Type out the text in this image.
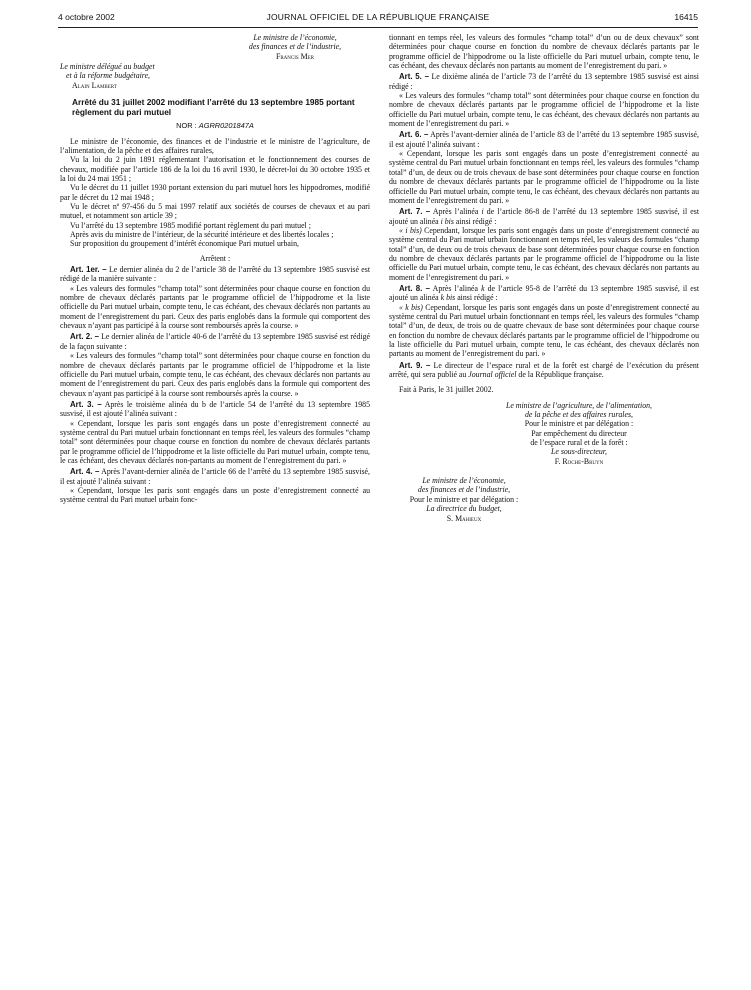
4 octobre 2002	JOURNAL OFFICIEL DE LA RÉPUBLIQUE FRANÇAISE	16415

Le ministre de l’économie,

des finances et de l’industrie,

Francis Mer

Le ministre délégué au budget

et à la réforme budgétaire,

Alain Lambert

Arrêté du 31 juillet 2002 modifiant l’arrêté du 13 septembre 1985 portant règlement du pari mutuel

NOR : AGRR0201847A

Le ministre de l’économie, des finances et de l’industrie et le ministre de l’agriculture, de l’alimentation, de la pêche et des affaires rurales,

Vu la loi du 2 juin 1891 réglementant l’autorisation et le fonctionnement des courses de chevaux, modifiée par l’article 186 de la loi du 16 avril 1930, le décret-loi du 30 octobre 1935 et la loi du 24 mai 1951 ;

Vu le décret du 11 juillet 1930 portant extension du pari mutuel hors les hippodromes, modifié par le décret du 12 mai 1948 ;

Vu le décret nº 97-456 du 5 mai 1997 relatif aux sociétés de courses de chevaux et au pari mutuel, et notamment son article 39 ;

Vu l’arrêté du 13 septembre 1985 modifié portant règlement du pari mutuel ;

Après avis du ministre de l’intérieur, de la sécurité intérieure et des libertés locales ;

Sur proposition du groupement d’intérêt économique Pari mutuel urbain,

Arrêtent :

Art. 1er. – Le dernier alinéa du 2 de l’article 38 de l’arrêté du 13 septembre 1985 susvisé est rédigé de la manière suivante :

« Les valeurs des formules “champ total” sont déterminées pour chaque course en fonction du nombre de chevaux déclarés partants par le programme officiel de l’hippodrome et la liste officielle du Pari mutuel urbain, compte tenu, le cas échéant, des chevaux déclarés non partants au moment de l’enregistrement du pari. Ceux des paris englobés dans la formule qui comportent des chevaux n’ayant pas participé à la course sont remboursés après la course. »

Art. 2. – Le dernier alinéa de l’article 40-6 de l’arrêté du 13 septembre 1985 susvisé est rédigé de la façon suivante :

« Les valeurs des formules “champ total” sont déterminées pour chaque course en fonction du nombre de chevaux déclarés partants par le programme officiel de l’hippodrome et la liste officielle du Pari mutuel urbain, compte tenu, le cas échéant, des chevaux déclarés non partants au moment de l’enregistrement du pari. Ceux des paris englobés dans la formule qui comportent des chevaux n’ayant pas participé à la course sont remboursés après la course. »

Art. 3. – Après le troisième alinéa du b de l’article 54 de l’arrêté du 13 septembre 1985 susvisé, il est ajouté l’alinéa suivant :

« Cependant, lorsque les paris sont engagés dans un poste d’enregistrement connecté au système central du Pari mutuel urbain fonctionnant en temps réel, les valeurs des formules “champ total” sont déterminées pour chaque course en fonction du nombre de chevaux déclarés partants par le programme officiel de l’hippodrome et la liste officielle du Pari mutuel urbain, compte tenu, le cas échéant, des chevaux déclarés non-partants au moment de l’enregistrement du pari. »

Art. 4. – Après l’avant-dernier alinéa de l’article 66 de l’arrêté du 13 septembre 1985 susvisé, il est ajouté l’alinéa suivant :

« Cependant, lorsque les paris sont engagés dans un poste d’enregistrement connecté au système central du Pari mutuel urbain fonc-

tionnant en temps réel, les valeurs des formules “champ total” d’un ou de deux chevaux” sont déterminées pour chaque course en fonction du nombre de chevaux déclarés partants par le programme officiel de l’hippodrome ou la liste officielle du Pari mutuel urbain, compte tenu, le cas échéant, des chevaux déclarés non partants au moment de l’enregistrement du pari. »

Art. 5. – Le dixième alinéa de l’article 73 de l’arrêté du 13 septembre 1985 susvisé est ainsi rédigé :

« Les valeurs des formules “champ total” sont déterminées pour chaque course en fonction du nombre de chevaux déclarés partants par le programme officiel de l’hippodrome et la liste officielle du Pari mutuel urbain, compte tenu, le cas échéant, des chevaux déclarés non partants au moment de l’enregistrement du pari. »

Art. 6. – Après l’avant-dernier alinéa de l’article 83 de l’arrêté du 13 septembre 1985 susvisé, il est ajouté l’alinéa suivant :

« Cependant, lorsque les paris sont engagés dans un poste d’enregistrement connecté au système central du Pari mutuel urbain fonctionnant en temps réel, les valeurs des formules “champ total” d’un, de deux ou de trois chevaux de base sont déterminées pour chaque course en fonction du nombre de chevaux déclarés partants par le programme officiel de l’hippodrome ou la liste officielle du Pari mutuel urbain, compte tenu, le cas échéant, des chevaux déclarés non partants au moment de l’enregistrement du pari. »

Art. 7. – Après l’alinéa i de l’article 86-8 de l’arrêté du 13 septembre 1985 susvisé, il est ajouté un alinéa i bis ainsi rédigé :

« i bis) Cependant, lorsque les paris sont engagés dans un poste d’enregistrement connecté au système central du Pari mutuel urbain fonctionnant en temps réel, les valeurs des formules “champ total” d’un, de deux ou de trois chevaux de base sont déterminées pour chaque course en fonction du nombre de chevaux déclarés partants par le programme officiel de l’hippodrome ou la liste officielle du Pari mutuel urbain, compte tenu, le cas échéant, des chevaux déclarés non partants au moment de l’enregistrement du pari. »

Art. 8. – Après l’alinéa k de l’article 95-8 de l’arrêté du 13 septembre 1985 susvisé, il est ajouté un alinéa k bis ainsi rédigé :

« k bis) Cependant, lorsque les paris sont engagés dans un poste d’enregistrement connecté au système central du Pari mutuel urbain fonctionnant en temps réel, les valeurs des formules “champ total” d’un, de deux, de trois ou de quatre chevaux de base sont déterminées pour chaque course en fonction du nombre de chevaux déclarés partants par le programme officiel de l’hippodrome ou la liste officielle du Pari mutuel urbain, compte tenu, le cas échéant, des chevaux déclarés non partants au moment de l’enregistrement du pari. »

Art. 9. – Le directeur de l’espace rural et de la forêt est chargé de l’exécution du présent arrêté, qui sera publié au Journal officiel de la République française.

Fait à Paris, le 31 juillet 2002.

Le ministre de l’agriculture, de l’alimentation,

de la pêche et des affaires rurales,

Pour le ministre et par délégation :

Par empêchement du directeur

de l’espace rural et de la forêt :

Le sous-directeur,

F. Roche-Bruyn

Le ministre de l’économie,

des finances et de l’industrie,

Pour le ministre et par délégation :

La directrice du budget,

S. Mahieux
